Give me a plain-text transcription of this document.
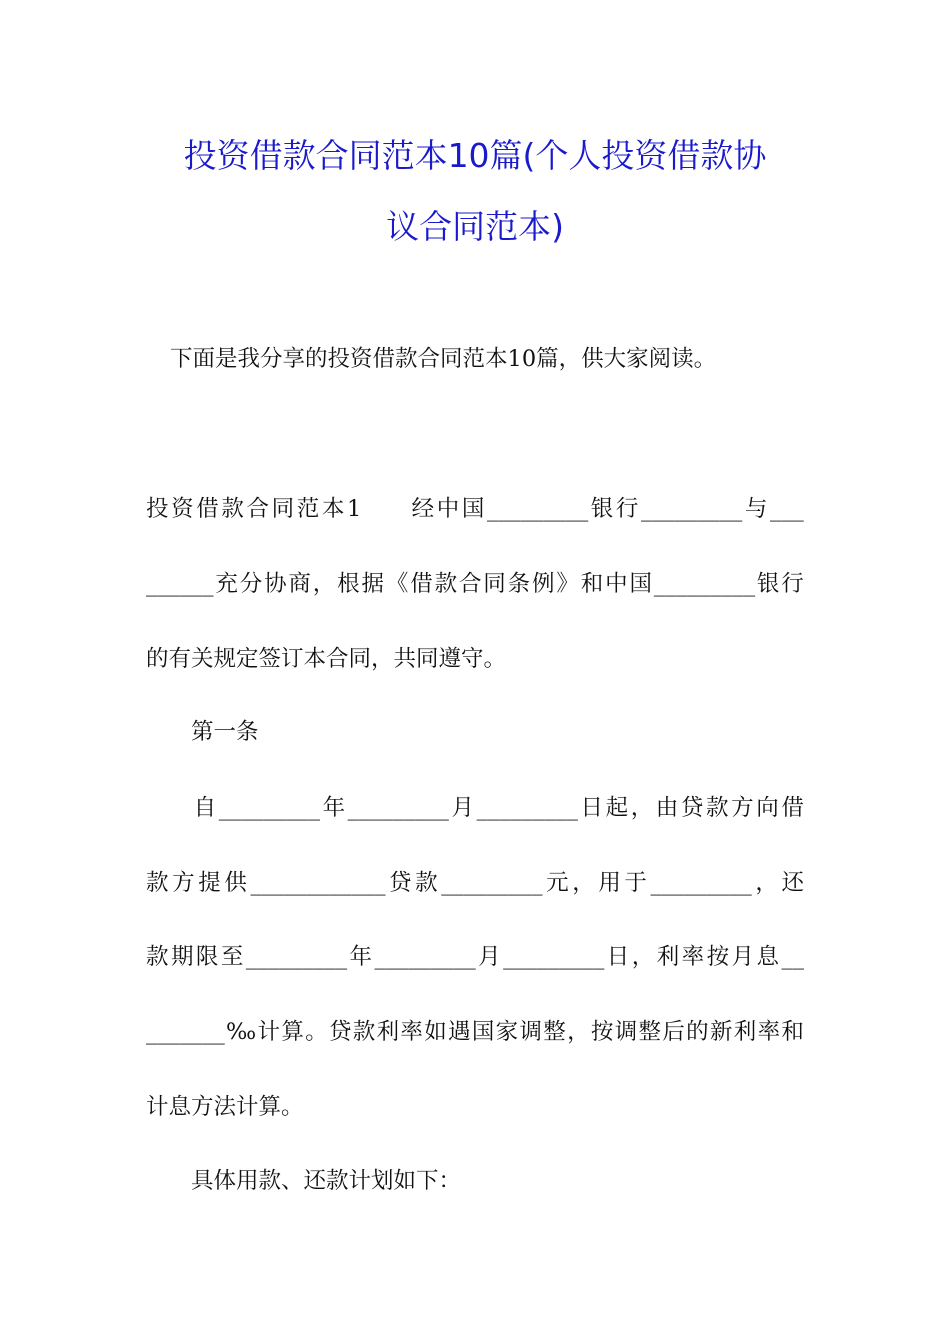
投资借款合同范本10篇(个人投资借款协
议合同范本)
下面是我分享的投资借款合同范本10篇，供大家阅读。
投 资 借 款 合 同 范 本 1
　　 经 中 国 _________ 银 行 _________ 与 ___
______ 充 分 协 商 ， 根 据 《 借 款 合 同 条 例 》 和 中 国 _________ 银 行
的有关规定签订本合同，共同遵守。
　　第一条

自 _________ 年 _________ 月 _________ 日 起 ， 由 贷 款 方 向 借
款 方 提 供 ____________ 贷 款 _________ 元 ， 用 于 _________ ， 还
款 期 限 至 _________ 年 _________ 月 _________ 日 ， 利 率 按 月 息 __
_______ ‰ 计 算 。 贷 款 利 率 如 遇 国 家 调 整 ， 按 调 整 后 的 新 利 率 和
计息方法计算。
　　具体用款、还款计划如下：
